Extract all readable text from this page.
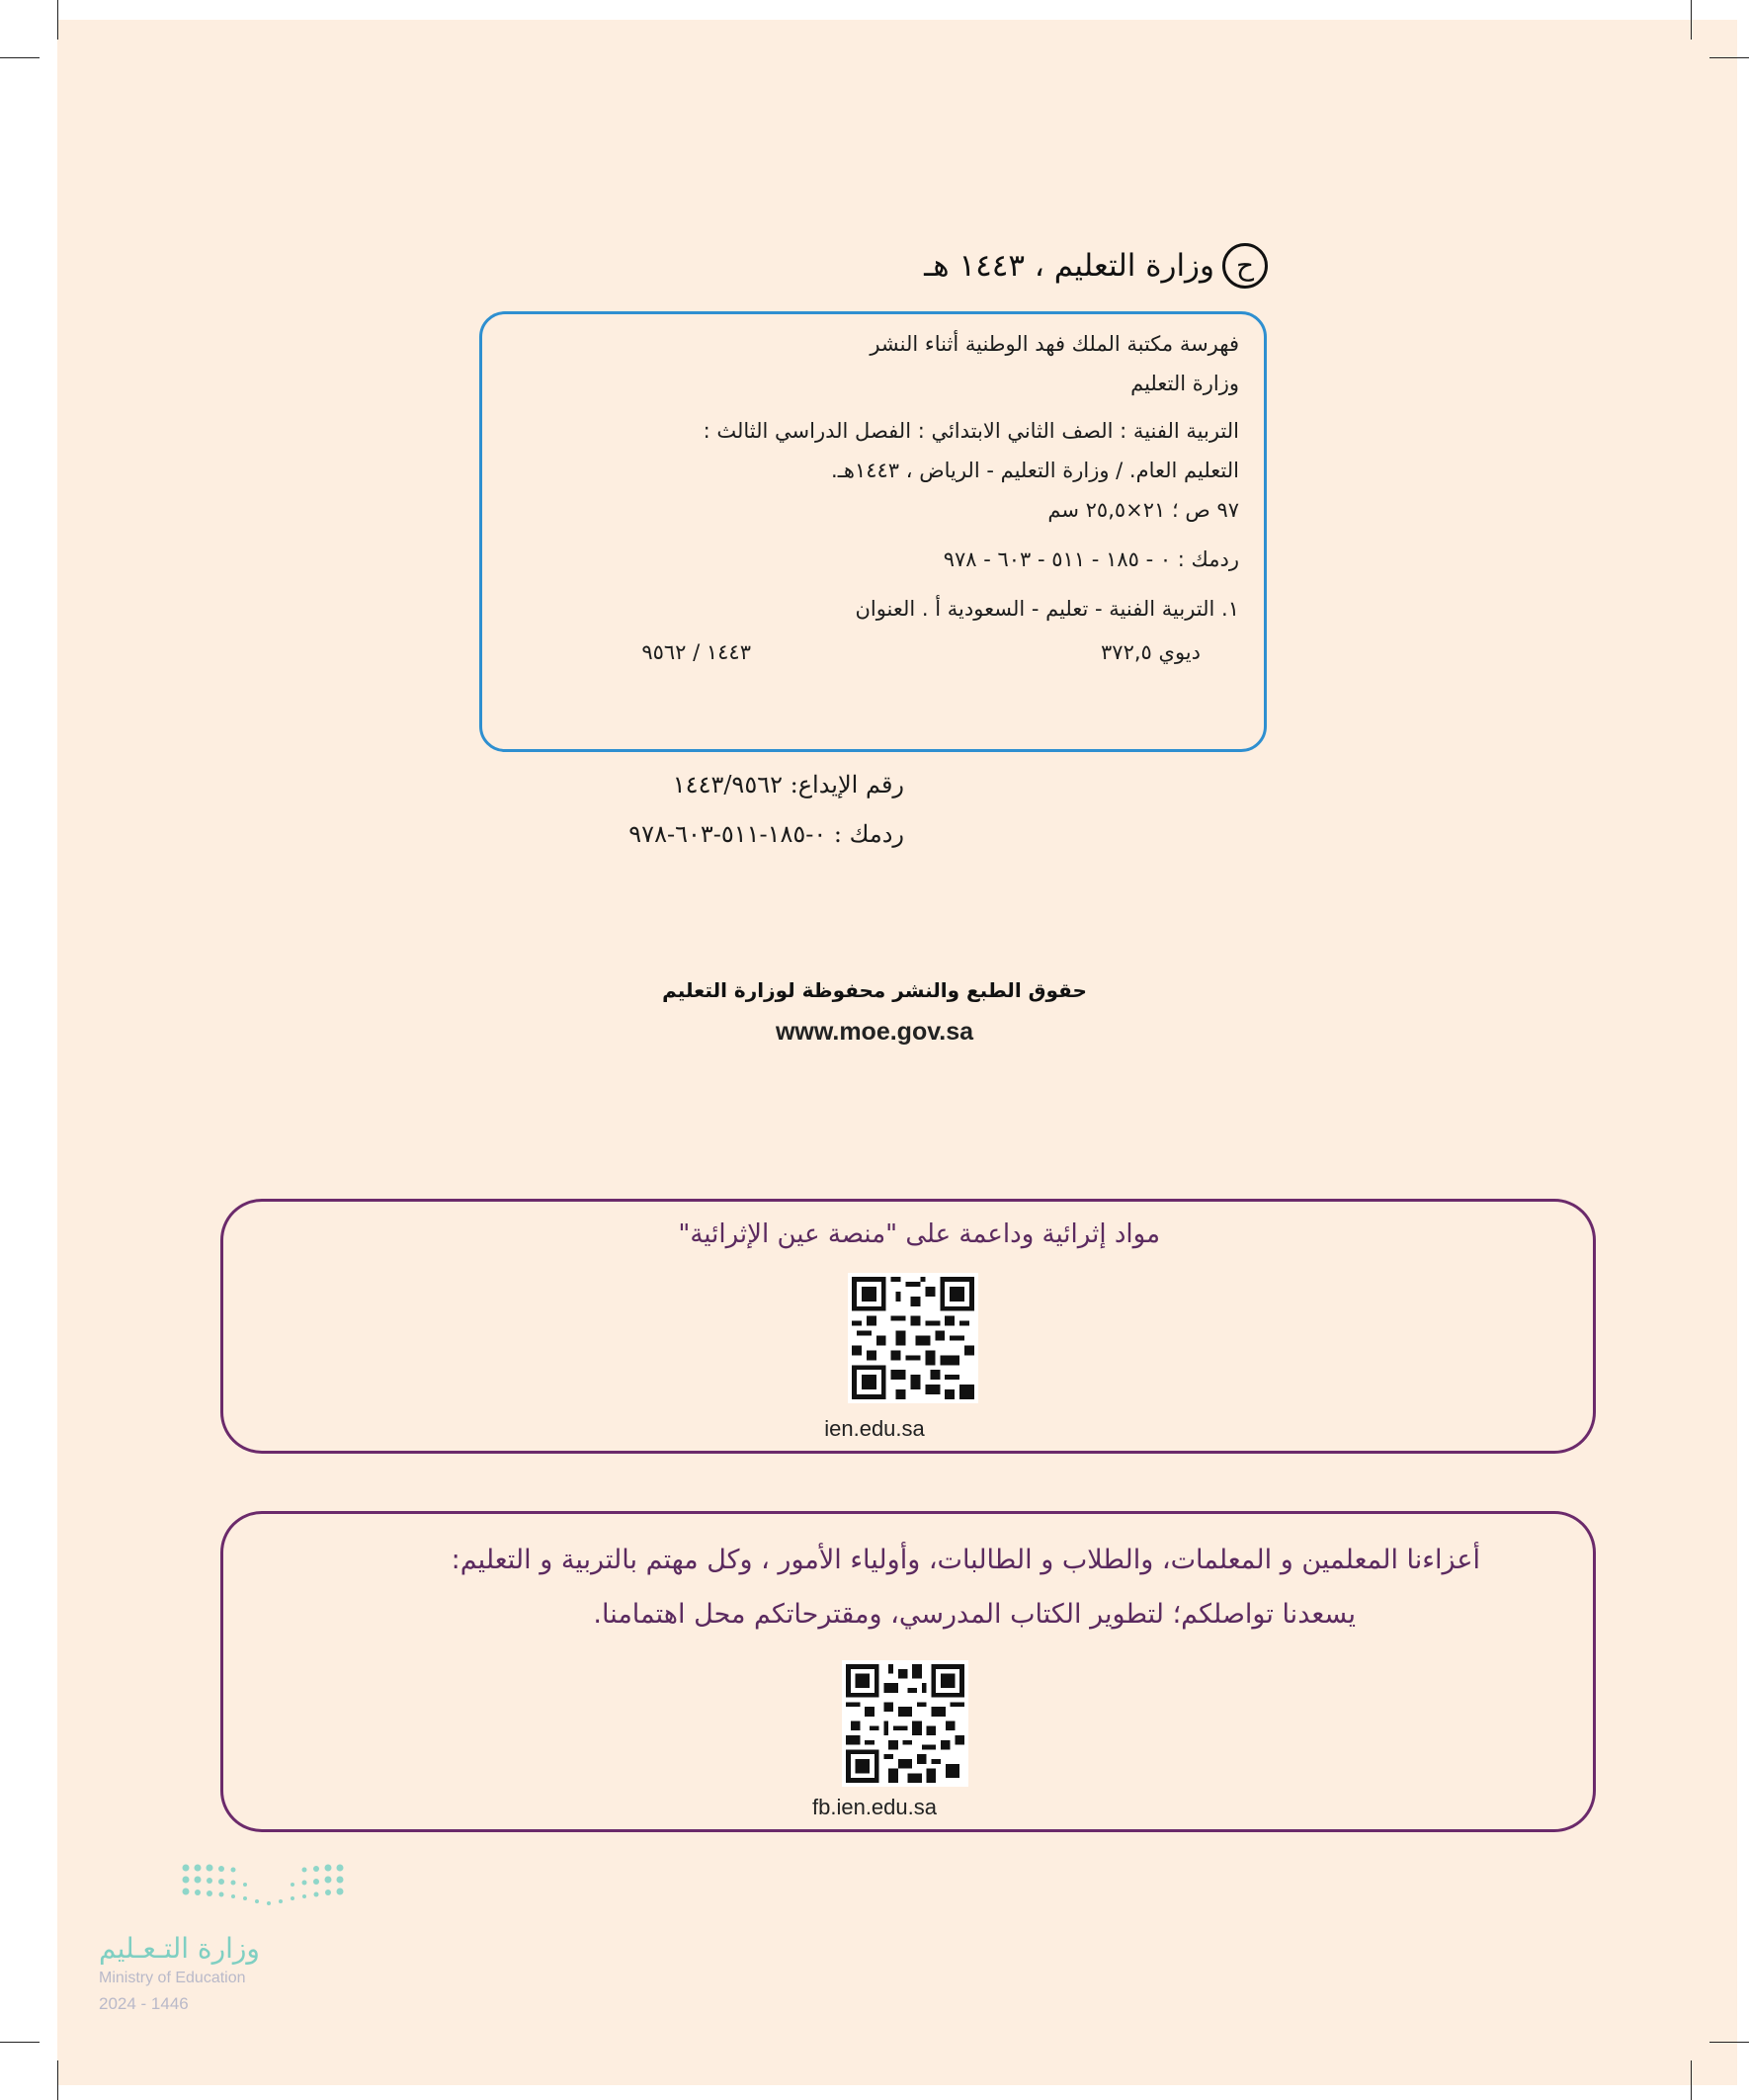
ح
وزارة التعليم ، ١٤٤٣ هـ
فهرسة مكتبة الملك فهد الوطنية أثناء النشر
وزارة التعليم
التربية الفنية : الصف الثاني الابتدائي : الفصل الدراسي الثالث :
التعليم العام. / وزارة التعليم - الرياض ، ١٤٤٣هـ.
٩٧ ص ؛ ٢١×٢٥,٥ سم
ردمك : ٠ - ١٨٥ - ٥١١ - ٦٠٣ - ٩٧٨
١. التربية الفنية - تعليم - السعودية أ . العنوان
ديوي ٣٧٢,٥
١٤٤٣ / ٩٥٦٢
رقم الإيداع: ١٤٤٣/٩٥٦٢
ردمك : ٠-١٨٥-٥١١-٦٠٣-٩٧٨
حقوق الطبع والنشر محفوظة لوزارة التعليم
www.moe.gov.sa
مواد إثرائية وداعمة على "منصة عين الإثرائية"
ien.edu.sa
أعزاءنا المعلمين و المعلمات، والطلاب و الطالبات، وأولياء الأمور ، وكل مهتم بالتربية و التعليم:
يسعدنا تواصلكم؛ لتطوير الكتاب المدرسي، ومقترحاتكم محل اهتمامنا.
fb.ien.edu.sa
وزارة التـعـليم
Ministry of Education
2024 - 1446
